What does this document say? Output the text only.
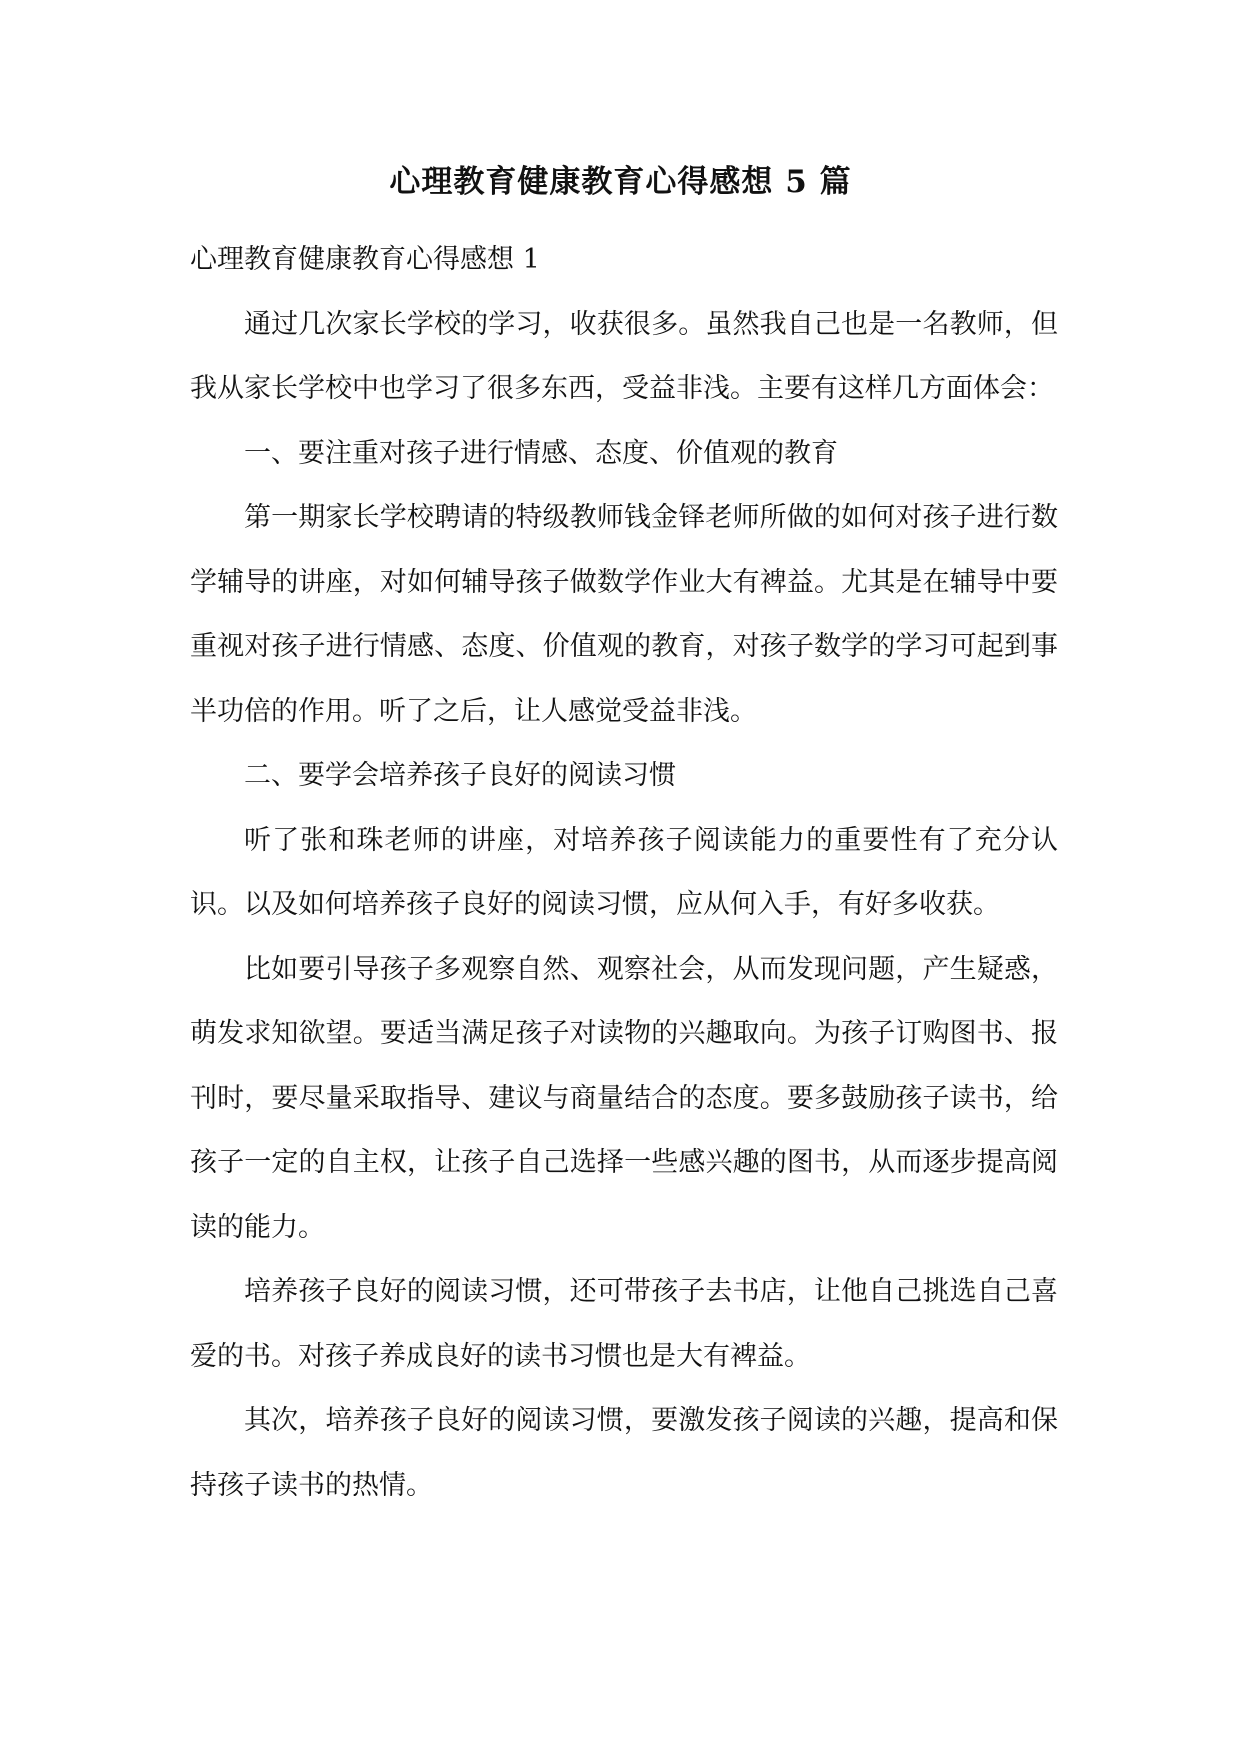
心理教育健康教育心得感想 5 篇

心理教育健康教育心得感想 1

通过几次家长学校的学习，收获很多。虽然我自己也是一名教师，但我从家长学校中也学习了很多东西，受益非浅。主要有这样几方面体会：

一、要注重对孩子进行情感、态度、价值观的教育

第一期家长学校聘请的特级教师钱金铎老师所做的如何对孩子进行数学辅导的讲座，对如何辅导孩子做数学作业大有裨益。尤其是在辅导中要重视对孩子进行情感、态度、价值观的教育，对孩子数学的学习可起到事半功倍的作用。听了之后，让人感觉受益非浅。

二、要学会培养孩子良好的阅读习惯

听了张和珠老师的讲座，对培养孩子阅读能力的重要性有了充分认识。以及如何培养孩子良好的阅读习惯，应从何入手，有好多收获。

比如要引导孩子多观察自然、观察社会，从而发现问题，产生疑惑，萌发求知欲望。要适当满足孩子对读物的兴趣取向。为孩子订购图书、报刊时，要尽量采取指导、建议与商量结合的态度。要多鼓励孩子读书，给孩子一定的自主权，让孩子自己选择一些感兴趣的图书，从而逐步提高阅读的能力。

培养孩子良好的阅读习惯，还可带孩子去书店，让他自己挑选自己喜爱的书。对孩子养成良好的读书习惯也是大有裨益。

其次，培养孩子良好的阅读习惯，要激发孩子阅读的兴趣，提高和保持孩子读书的热情。
